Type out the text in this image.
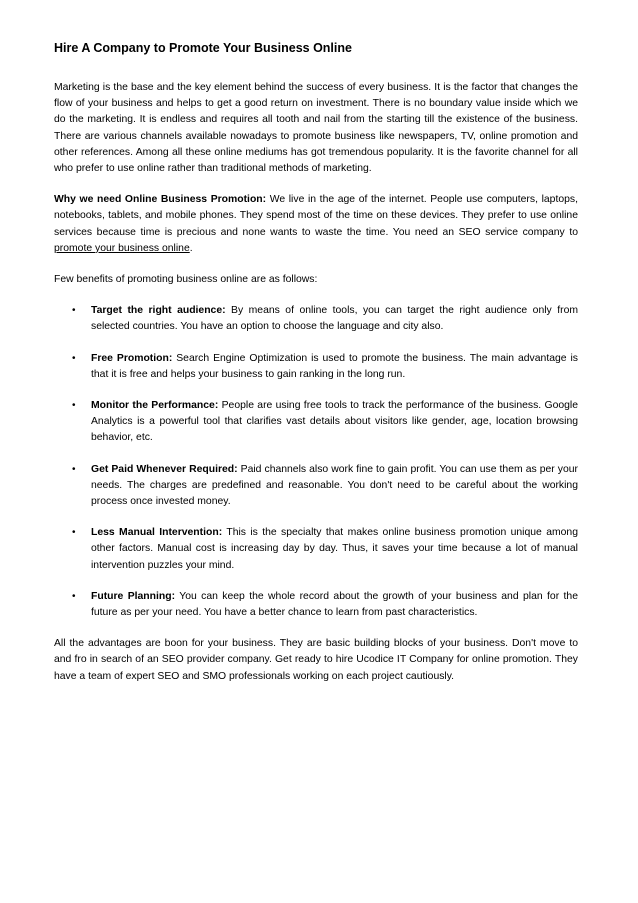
Hire A Company to Promote Your Business Online

Marketing is the base and the key element behind the success of every business. It is the factor that changes the flow of your business and helps to get a good return on investment. There is no boundary value inside which we do the marketing. It is endless and requires all tooth and nail from the starting till the existence of the business. There are various channels available nowadays to promote business like newspapers, TV, online promotion and other references. Among all these online mediums has got tremendous popularity. It is the favorite channel for all who prefer to use online rather than traditional methods of marketing.

Why we need Online Business Promotion: We live in the age of the internet. People use computers, laptops, notebooks, tablets, and mobile phones. They spend most of the time on these devices. They prefer to use online services because time is precious and none wants to waste the time. You need an SEO service company to promote your business online.

Few benefits of promoting business online are as follows:

• Target the right audience: By means of online tools, you can target the right audience only from selected countries. You have an option to choose the language and city also.
• Free Promotion: Search Engine Optimization is used to promote the business. The main advantage is that it is free and helps your business to gain ranking in the long run.
• Monitor the Performance: People are using free tools to track the performance of the business. Google Analytics is a powerful tool that clarifies vast details about visitors like gender, age, location browsing behavior, etc.
• Get Paid Whenever Required: Paid channels also work fine to gain profit. You can use them as per your needs. The charges are predefined and reasonable. You don't need to be careful about the working process once invested money.
• Less Manual Intervention: This is the specialty that makes online business promotion unique among other factors. Manual cost is increasing day by day. Thus, it saves your time because a lot of manual intervention puzzles your mind.
• Future Planning: You can keep the whole record about the growth of your business and plan for the future as per your need. You have a better chance to learn from past characteristics.

All the advantages are boon for your business. They are basic building blocks of your business. Don't move to and fro in search of an SEO provider company. Get ready to hire Ucodice IT Company for online promotion. They have a team of expert SEO and SMO professionals working on each project cautiously.
